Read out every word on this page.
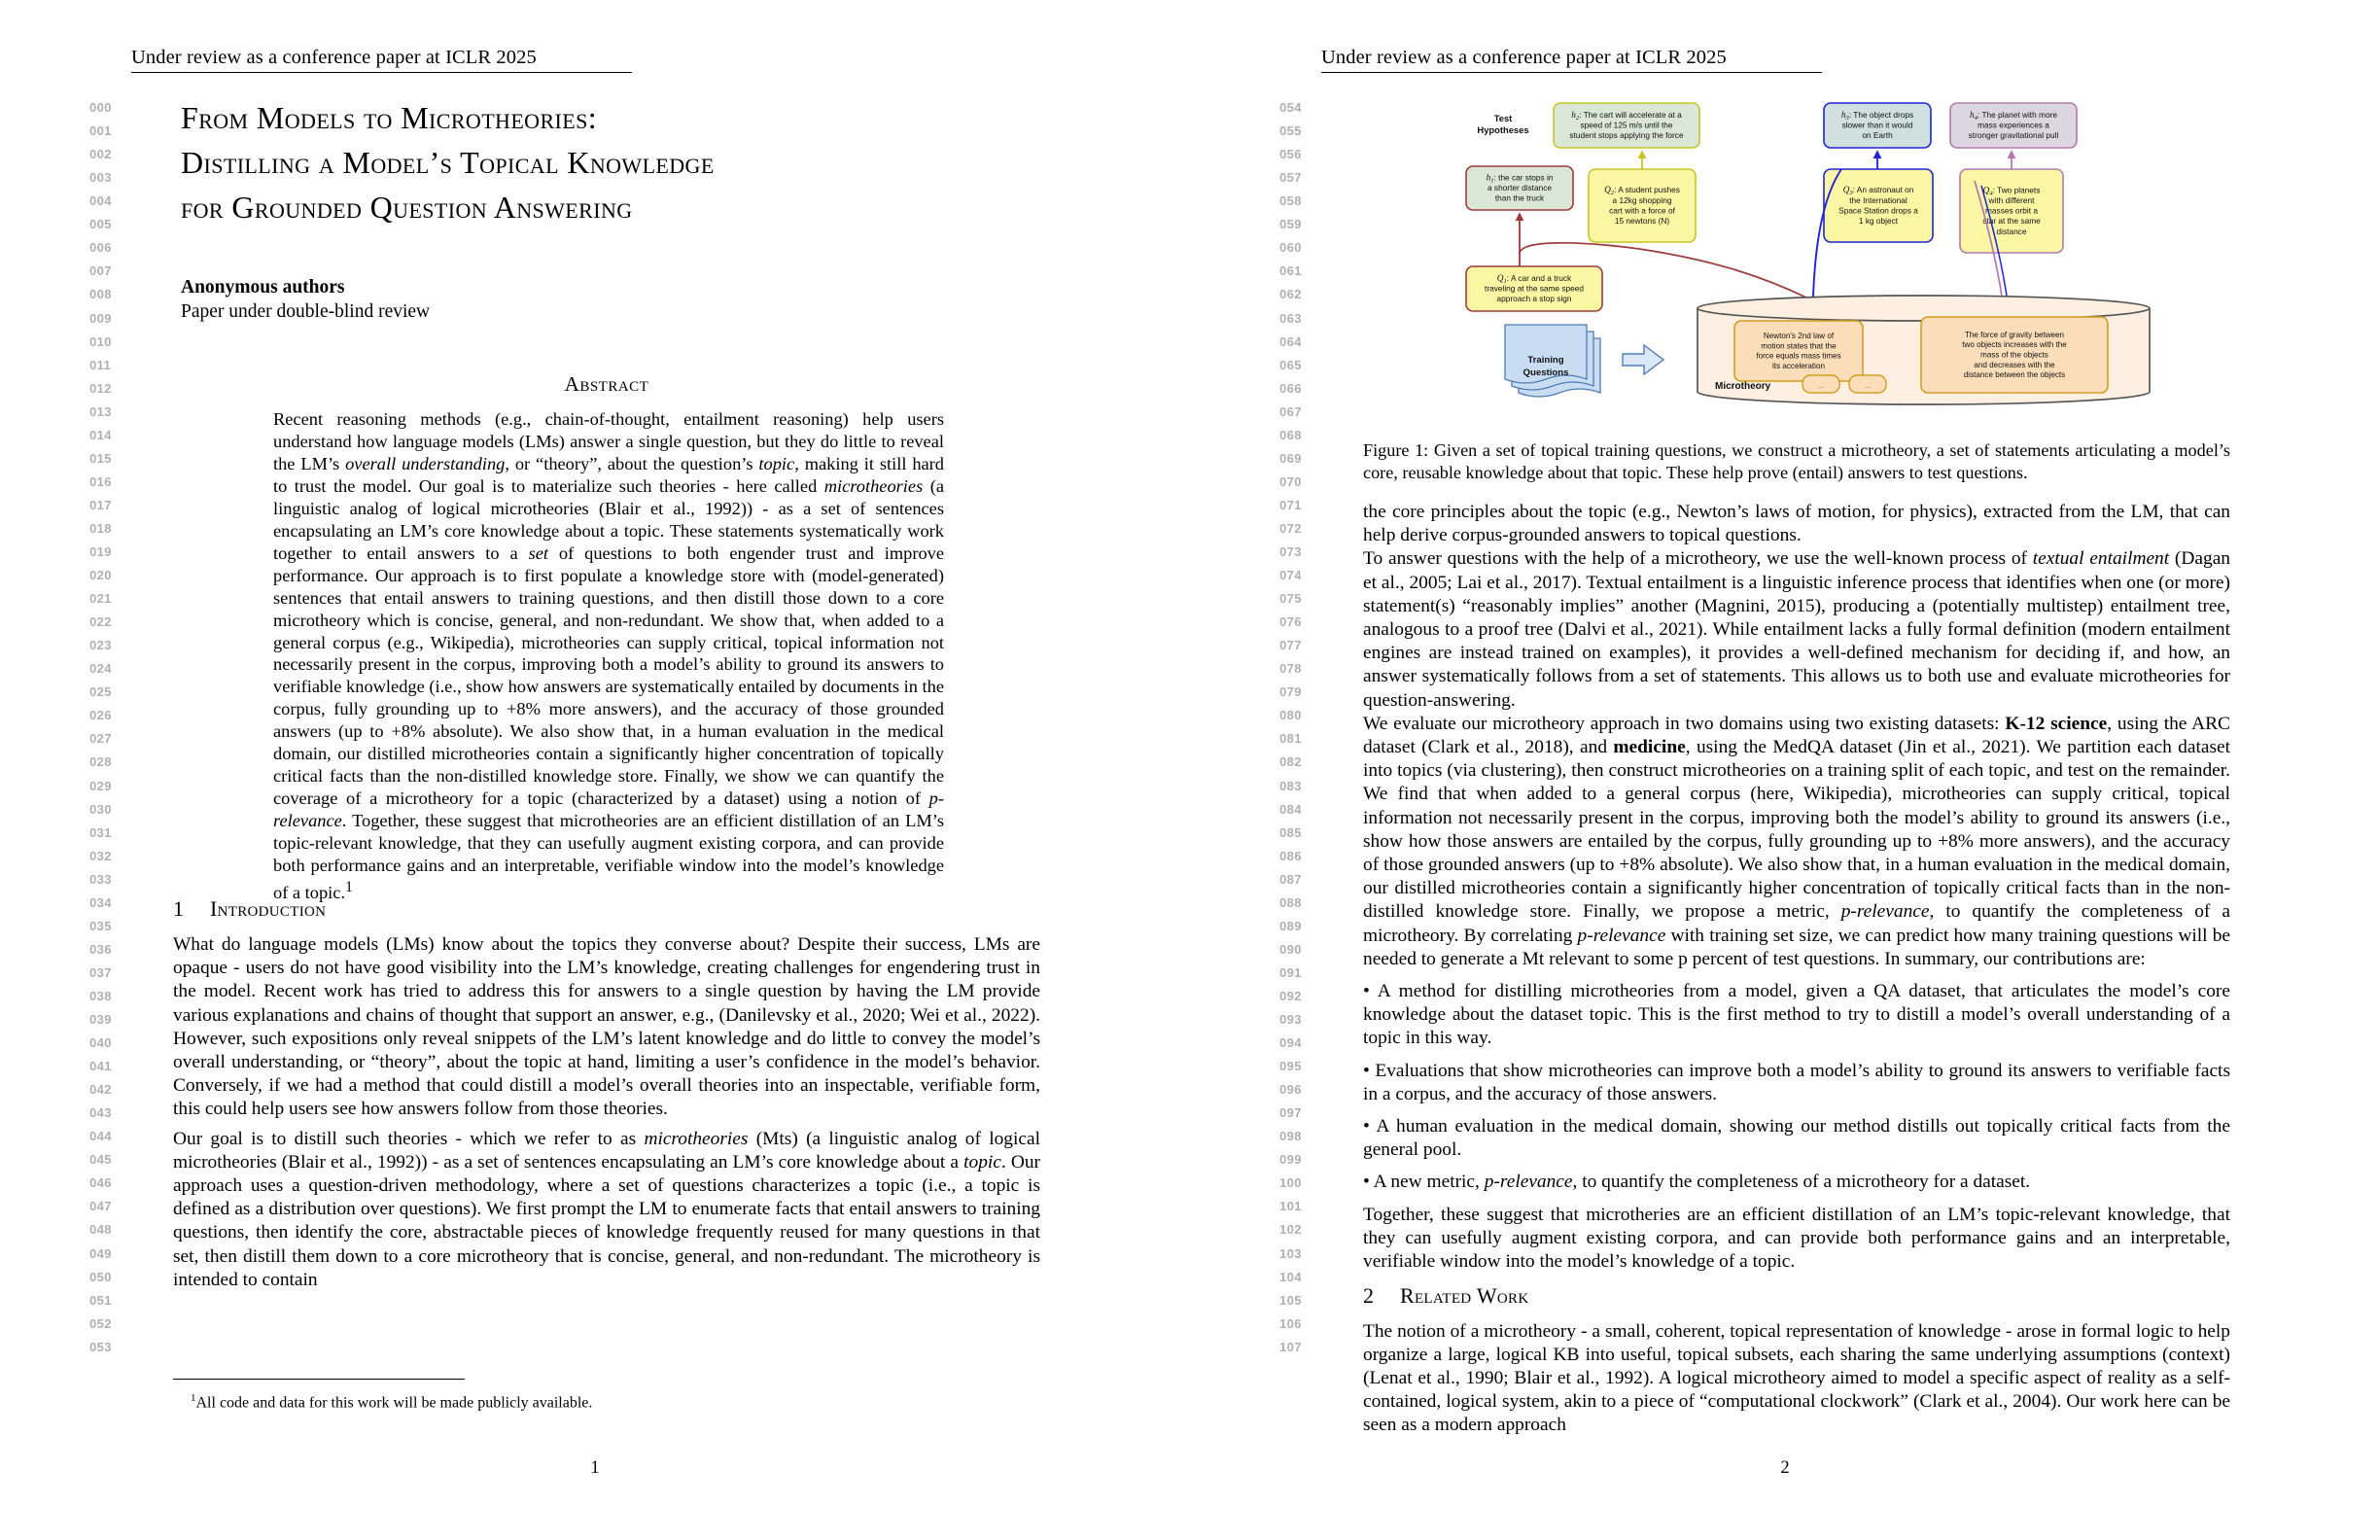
Under review as a conference paper at ICLR 2025
000
001
002
003
004
005
006
007
008
009
010
011
012
013
014
015
016
017
018
019
020
021
022
023
024
025
026
027
028
029
030
031
032
033
034
035
036
037
038
039
040
041
042
043
044
045
046
047
048
049
050
051
052
053
From Models to Microtheories:
Distilling a Model’s Topical Knowledge
for Grounded Question Answering
Anonymous authors
Paper under double-blind review
Abstract

Recent reasoning methods (e.g., chain-of-thought, entailment reasoning) help users understand how language models (LMs) answer a single question, but they do little to reveal the LM’s overall understanding, or “theory”, about the question’s topic, making it still hard to trust the model. Our goal is to materialize such theories - here called microtheories (a linguistic analog of logical microtheories (Blair et al., 1992)) - as a set of sentences encapsulating an LM’s core knowledge about a topic. These statements systematically work together to entail answers to a set of questions to both engender trust and improve performance. Our approach is to first populate a knowledge store with (model-generated) sentences that entail answers to training questions, and then distill those down to a core microtheory which is concise, general, and non-redundant. We show that, when added to a general corpus (e.g., Wikipedia), microtheories can supply critical, topical information not necessarily present in the corpus, improving both a model’s ability to ground its answers to verifiable knowledge (i.e., show how answers are systematically entailed by documents in the corpus, fully grounding up to +8% more answers), and the accuracy of those grounded answers (up to +8% absolute). We also show that, in a human evaluation in the medical domain, our distilled microtheories contain a significantly higher concentration of topically critical facts than the non-distilled knowledge store. Finally, we show we can quantify the coverage of a microtheory for a topic (characterized by a dataset) using a notion of p-relevance. Together, these suggest that microtheories are an efficient distillation of an LM’s topic-relevant knowledge, that they can usefully augment existing corpora, and can provide both performance gains and an interpretable, verifiable window into the model’s knowledge of a topic.$^1$

1 Introduction

What do language models (LMs) know about the topics they converse about? Despite their success, LMs are opaque - users do not have good visibility into the LM’s knowledge, creating challenges for engendering trust in the model. Recent work has tried to address this for answers to a single question by having the LM provide various explanations and chains of thought that support an answer, e.g., (Danilevsky et al., 2020; Wei et al., 2022). However, such expositions only reveal snippets of the LM’s latent knowledge and do little to convey the model’s overall understanding, or “theory”, about the topic at hand, limiting a user’s confidence in the model’s behavior. Conversely, if we had a method that could distill a model’s overall theories into an inspectable, verifiable form, this could help users see how answers follow from those theories.

Our goal is to distill such theories - which we refer to as microtheories (Mts) (a linguistic analog of logical microtheories (Blair et al., 1992)) - as a set of sentences encapsulating an LM’s core knowledge about a topic. Our approach uses a question-driven methodology, where a set of questions characterizes a topic (i.e., a topic is defined as a distribution over questions). We first prompt the LM to enumerate facts that entail answers to training questions, then identify the core, abstractable pieces of knowledge frequently reused for many questions in that set, then distill them down to a core microtheory that is concise, general, and non-redundant. The microtheory is intended to contain

$^1$All code and data for this work will be made publicly available.
1
Under review as a conference paper at ICLR 2025
054
055
056
057
058
059
060
061
062
063
064
065
066
067
068
069
070
071
072
073
074
075
076
077
078
079
080
081
082
083
084
085
086
087
088
089
090
091
092
093
094
095
096
097
098
099
100
101
102
103
104
105
106
107
Test
Hypotheses
$h_2$: The cart will accelerate at a
speed of 125 m/s until the
student stops applying the force
$h_3$: The object drops
slower than it would
on Earth
$h_4$: The planet with more
mass experiences a
stronger gravitational pull
$h_1$: the car stops in
a shorter distance
than the truck
$Q_2$: A student pushes
a 12kg shopping
cart with a force of
15 newtons (N)
$Q_3$: An astronaut on
the International
Space Station drops a
1 kg object
$Q_4$: Two planets
with different
masses orbit a
star at the same
distance
$Q_1$: A car and a truck
traveling at the same speed
approach a stop sign
Newton's 2nd law of
motion states that the
force equals mass times
its acceleration
The force of gravity between
two objects increases with the
mass of the objects
and decreases with the
distance between the objects
Microtheory	...	...
Training
Questions
Figure 1: Given a set of topical training questions, we construct a microtheory, a set of statements articulating a model’s core, reusable knowledge about that topic. These help prove (entail) answers to test questions.

the core principles about the topic (e.g., Newton’s laws of motion, for physics), extracted from the LM, that can help derive corpus-grounded answers to topical questions.

To answer questions with the help of a microtheory, we use the well-known process of textual entailment (Dagan et al., 2005; Lai et al., 2017). Textual entailment is a linguistic inference process that identifies when one (or more) statement(s) “reasonably implies” another (Magnini, 2015), producing a (potentially multistep) entailment tree, analogous to a proof tree (Dalvi et al., 2021). While entailment lacks a fully formal definition (modern entailment engines are instead trained on examples), it provides a well-defined mechanism for deciding if, and how, an answer systematically follows from a set of statements. This allows us to both use and evaluate microtheories for question-answering.

We evaluate our microtheory approach in two domains using two existing datasets: K-12 science, using the ARC dataset (Clark et al., 2018), and medicine, using the MedQA dataset (Jin et al., 2021). We partition each dataset into topics (via clustering), then construct microtheories on a training split of each topic, and test on the remainder. We find that when added to a general corpus (here, Wikipedia), microtheories can supply critical, topical information not necessarily present in the corpus, improving both the model’s ability to ground its answers (i.e., show how those answers are entailed by the corpus, fully grounding up to +8% more answers), and the accuracy of those grounded answers (up to +8% absolute). We also show that, in a human evaluation in the medical domain, our distilled microtheories contain a significantly higher concentration of topically critical facts than in the non-distilled knowledge store. Finally, we propose a metric, p-relevance, to quantify the completeness of a microtheory. By correlating p-relevance with training set size, we can predict how many training questions will be needed to generate a Mt relevant to some p percent of test questions. In summary, our contributions are:

• A method for distilling microtheories from a model, given a QA dataset, that articulates the model’s core knowledge about the dataset topic. This is the first method to try to distill a model’s overall understanding of a topic in this way.

• Evaluations that show microtheories can improve both a model’s ability to ground its answers to verifiable facts in a corpus, and the accuracy of those answers.

• A human evaluation in the medical domain, showing our method distills out topically critical facts from the general pool.

• A new metric, p-relevance, to quantify the completeness of a microtheory for a dataset.

Together, these suggest that microtheries are an efficient distillation of an LM’s topic-relevant knowledge, that they can usefully augment existing corpora, and can provide both performance gains and an interpretable, verifiable window into the model’s knowledge of a topic.

2 Related Work

The notion of a microtheory - a small, coherent, topical representation of knowledge - arose in formal logic to help organize a large, logical KB into useful, topical subsets, each sharing the same underlying assumptions (context) (Lenat et al., 1990; Blair et al., 1992). A logical microtheory aimed to model a specific aspect of reality as a self-contained, logical system, akin to a piece of “computational clockwork” (Clark et al., 2004). Our work here can be seen as a modern approach

2
